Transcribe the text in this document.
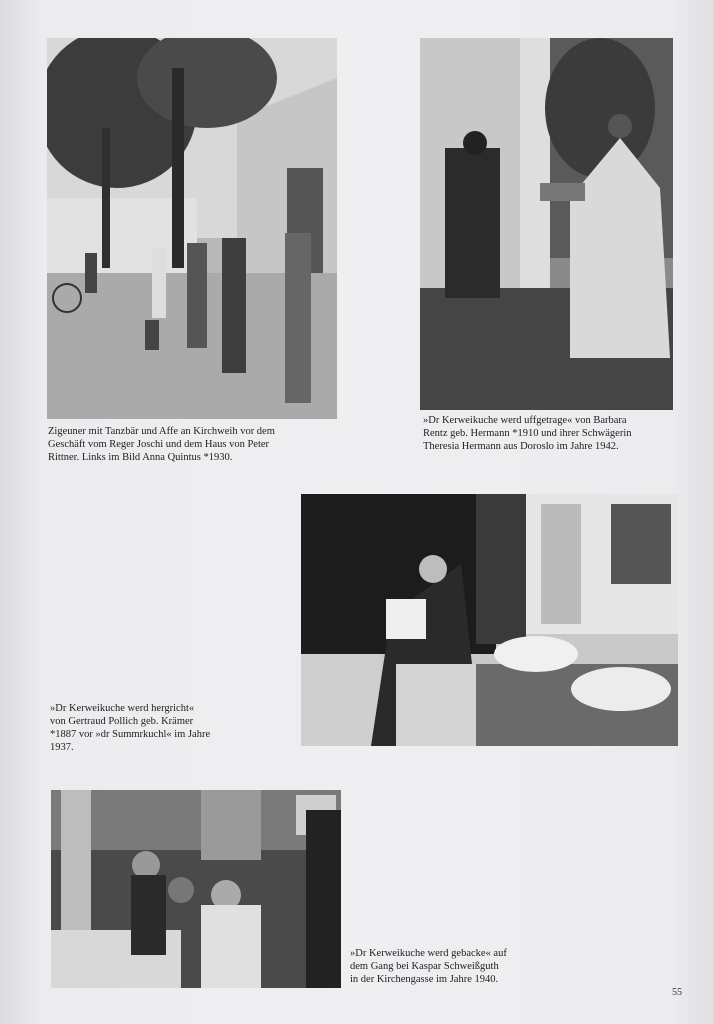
Zigeuner mit Tanzbär und Affe an Kirchweih vor dem
Geschäft vom Reger Joschi und dem Haus von Peter
Rittner. Links im Bild Anna Quintus *1930.
»Dr Kerweikuche werd uffgetrage« von Barbara
Rentz geb. Hermann *1910 und ihrer Schwägerin
Theresia Hermann aus Doroslo im Jahre 1942.
»Dr Kerweikuche werd hergricht«
von Gertraud Pollich geb. Krämer
*1887 vor »dr Summrkuchl« im Jahre
1937.
»Dr Kerweikuche werd gebacke« auf
dem Gang bei Kaspar Schweißguth
in der Kirchengasse im Jahre 1940.
55
